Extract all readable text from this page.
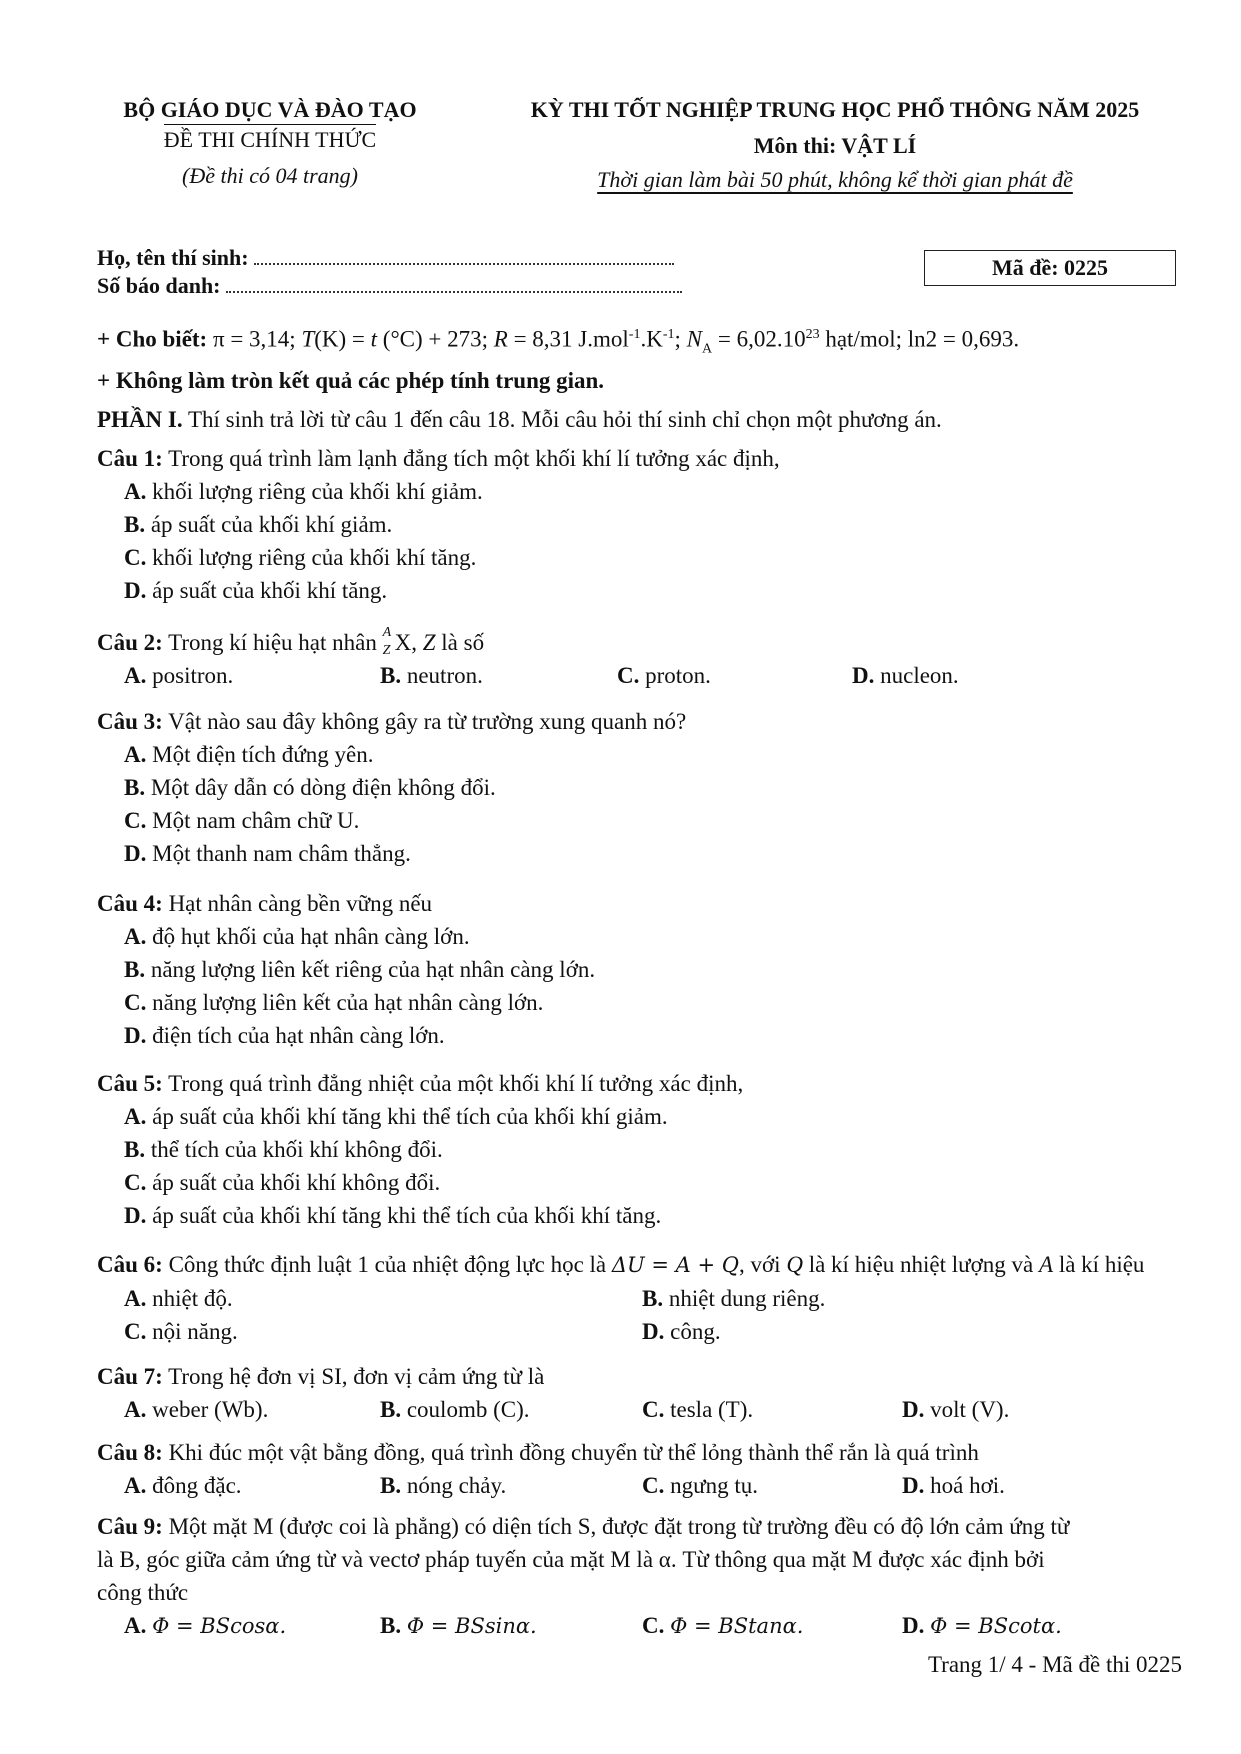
BỘ GIÁO DỤC VÀ ĐÀO TẠO
ĐỀ THI CHÍNH THỨC
(Đề thi có 04 trang)
KỲ THI TỐT NGHIỆP TRUNG HỌC PHỔ THÔNG NĂM 2025
Môn thi: VẬT LÍ
Thời gian làm bài 50 phút, không kể thời gian phát đề
Họ, tên thí sinh:
Số báo danh:
Mã đề: 0225
+ Cho biết: π = 3,14; T(K) = t (°C) + 273; R = 8,31 $J.mol^{-1}.K^{-1}$; $N_A = 6,02.10^{23}$ hạt/mol; ln2 = 0,693.
+ Không làm tròn kết quả các phép tính trung gian.
PHẦN I. Thí sinh trả lời từ câu 1 đến câu 18. Mỗi câu hỏi thí sinh chỉ chọn một phương án.
Câu 1: Trong quá trình làm lạnh đẳng tích một khối khí lí tưởng xác định,
A. khối lượng riêng của khối khí giảm.
B. áp suất của khối khí giảm.
C. khối lượng riêng của khối khí tăng.
D. áp suất của khối khí tăng.
Câu 2: Trong kí hiệu hạt nhân A
Z X, Z là số
A. positron.	B. neutron.	C. proton.	D. nucleon.
Câu 3: Vật nào sau đây không gây ra từ trường xung quanh nó?
A. Một điện tích đứng yên.
B. Một dây dẫn có dòng điện không đổi.
C. Một nam châm chữ U.
D. Một thanh nam châm thẳng.
Câu 4: Hạt nhân càng bền vững nếu
A. độ hụt khối của hạt nhân càng lớn.
B. năng lượng liên kết riêng của hạt nhân càng lớn.
C. năng lượng liên kết của hạt nhân càng lớn.
D. điện tích của hạt nhân càng lớn.
Câu 5: Trong quá trình đẳng nhiệt của một khối khí lí tưởng xác định,
A. áp suất của khối khí tăng khi thể tích của khối khí giảm.
B. thể tích của khối khí không đổi.
C. áp suất của khối khí không đổi.
D. áp suất của khối khí tăng khi thể tích của khối khí tăng.
Câu 6: Công thức định luật 1 của nhiệt động lực học là ΔU = A + Q, với Q là kí hiệu nhiệt lượng và A là kí hiệu
A. nhiệt độ.	B. nhiệt dung riêng.
C. nội năng.	D. công.
Câu 7: Trong hệ đơn vị SI, đơn vị cảm ứng từ là
A. weber (Wb).	B. coulomb (C).	C. tesla (T).	D. volt (V).
Câu 8: Khi đúc một vật bằng đồng, quá trình đồng chuyển từ thể lỏng thành thể rắn là quá trình
A. đông đặc.	B. nóng chảy.	C. ngưng tụ.	D. hoá hơi.
Câu 9: Một mặt M (được coi là phẳng) có diện tích S, được đặt trong từ trường đều có độ lớn cảm ứng từ
là B, góc giữa cảm ứng từ và vectơ pháp tuyến của mặt M là α. Từ thông qua mặt M được xác định bởi
công thức
A. Φ = BScosα.	B. Φ = BSsinα.	C. Φ = BStanα.	D. Φ = BScotα.
Trang 1/ 4 - Mã đề thi 0225
